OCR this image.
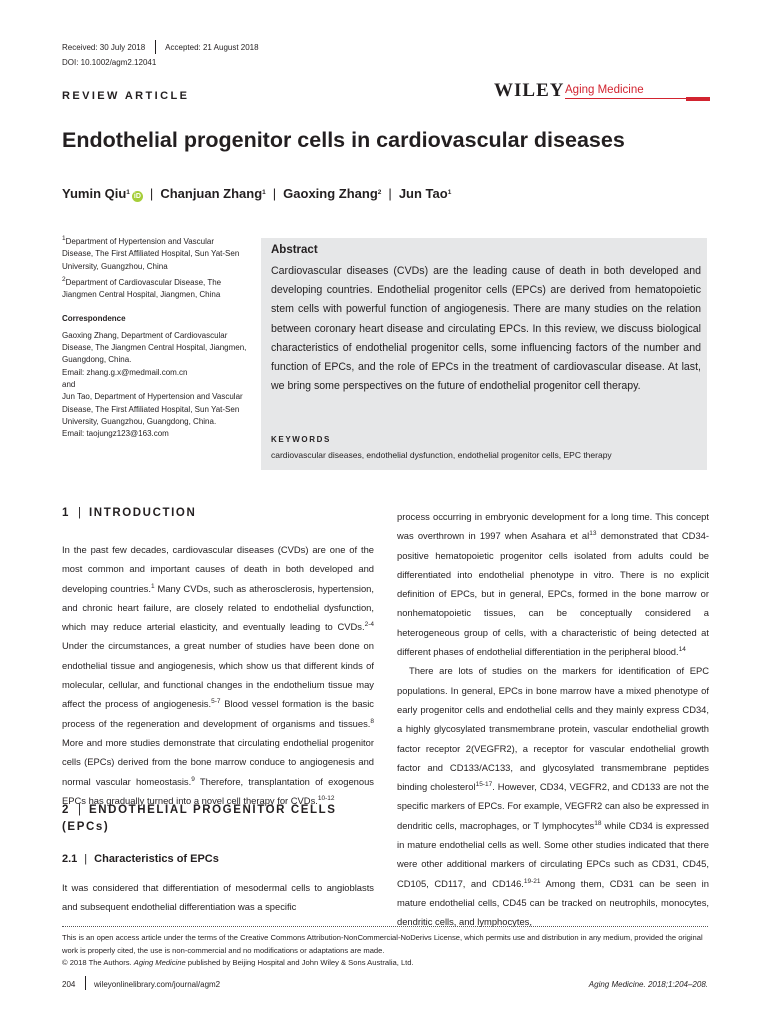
Received: 30 July 2018	Accepted: 21 August 2018
DOI: 10.1002/agm2.12041
REVIEW ARTICLE	WILEY Aging Medicine
Endothelial progenitor cells in cardiovascular diseases
Yumin Qiu$^1$iD | Chanjuan Zhang$^1$ | Gaoxing Zhang$^2$ | Jun Tao$^1$

$^1$Department of Hypertension and Vascular Disease, The First Affiliated Hospital, Sun Yat-Sen University, Guangzhou, China

$^2$Department of Cardiovascular Disease, The Jiangmen Central Hospital, Jiangmen, China

Correspondence

Gaoxing Zhang, Department of Cardiovascular Disease, The Jiangmen Central Hospital, Jiangmen, Guangdong, China.
Email: zhang.g.x@medmail.com.cn
and
Jun Tao, Department of Hypertension and Vascular Disease, The First Affiliated Hospital, Sun Yat-Sen University, Guangzhou, Guangdong, China.
Email: taojungz123@163.com
Abstract
Cardiovascular diseases (CVDs) are the leading cause of death in both developed and developing countries. Endothelial progenitor cells (EPCs) are derived from hematopoietic stem cells with powerful function of angiogenesis. There are many studies on the relation between coronary heart disease and circulating EPCs. In this review, we discuss biological characteristics of endothelial progenitor cells, some influencing factors of the number and function of EPCs, and the role of EPCs in the treatment of cardiovascular disease. At last, we bring some perspectives on the future of endothelial progenitor cell therapy.
KEYWORDS
cardiovascular diseases, endothelial dysfunction, endothelial progenitor cells, EPC therapy
1 | INTRODUCTION

In the past few decades, cardiovascular diseases (CVDs) are one of the most common and important causes of death in both developed and developing countries.$^1$ Many CVDs, such as atherosclerosis, hypertension, and chronic heart failure, are closely related to endothelial dysfunction, which may reduce arterial elasticity, and eventually leading to CVDs.$^{2-4}$ Under the circumstances, a great number of studies have been done on endothelial tissue and angiogenesis, which show us that different kinds of molecular, cellular, and functional changes in the endothelium tissue may affect the process of angiogenesis.$^{5-7}$ Blood vessel formation is the basic process of the regeneration and development of organisms and tissues.$^8$ More and more studies demonstrate that circulating endothelial progenitor cells (EPCs) derived from the bone marrow conduce to angiogenesis and normal vascular homeostasis.$^9$ Therefore, transplantation of exogenous EPCs has gradually turned into a novel cell therapy for CVDs.$^{10-12}$

2 | ENDOTHELIAL PROGENITOR CELLS (EPCs)
2.1 | Characteristics of EPCs

It was considered that differentiation of mesodermal cells to angioblasts and subsequent endothelial differentiation was a specific

process occurring in embryonic development for a long time. This concept was overthrown in 1997 when Asahara et $al^{13}$ demonstrated that CD34-positive hematopoietic progenitor cells isolated from adults could be differentiated into endothelial phenotype in vitro. There is no explicit definition of EPCs, but in general, EPCs, formed in the bone marrow or nonhematopoietic tissues, can be conceptually considered a heterogeneous group of cells, with a characteristic of being detected at different phases of endothelial differentiation in the peripheral blood.$^{14}$

There are lots of studies on the markers for identification of EPC populations. In general, EPCs in bone marrow have a mixed phenotype of early progenitor cells and endothelial cells and they mainly express CD34, a highly glycosylated transmembrane protein, vascular endothelial growth factor receptor 2(VEGFR2), a receptor for vascular endothelial growth factor and CD133/AC133, and glycosylated transmembrane peptides binding cholesterol$^{15-17}$. However, CD34, VEGFR2, and CD133 are not the specific markers of EPCs. For example, VEGFR2 can also be expressed in dendritic cells, macrophages, or T lymphocytes$^{18}$ while CD34 is expressed in mature endothelial cells as well. Some other studies indicated that there were other additional markers of circulating EPCs such as CD31, CD45, CD105, CD117, and CD146.$^{19-21}$ Among them, CD31 can be seen in mature endothelial cells, CD45 can be tracked on neutrophils, monocytes, dendritic cells, and lymphocytes,

This is an open access article under the terms of the Creative Commons Attribution-NonCommercial-NoDerivs License, which permits use and distribution in any medium, provided the original work is properly cited, the use is non-commercial and no modifications or adaptations are made.
© 2018 The Authors. Aging Medicine published by Beijing Hospital and John Wiley & Sons Australia, Ltd.
204 wileyonlinelibrary.com/journal/agm2	Aging Medicine. 2018;1:204–208.
